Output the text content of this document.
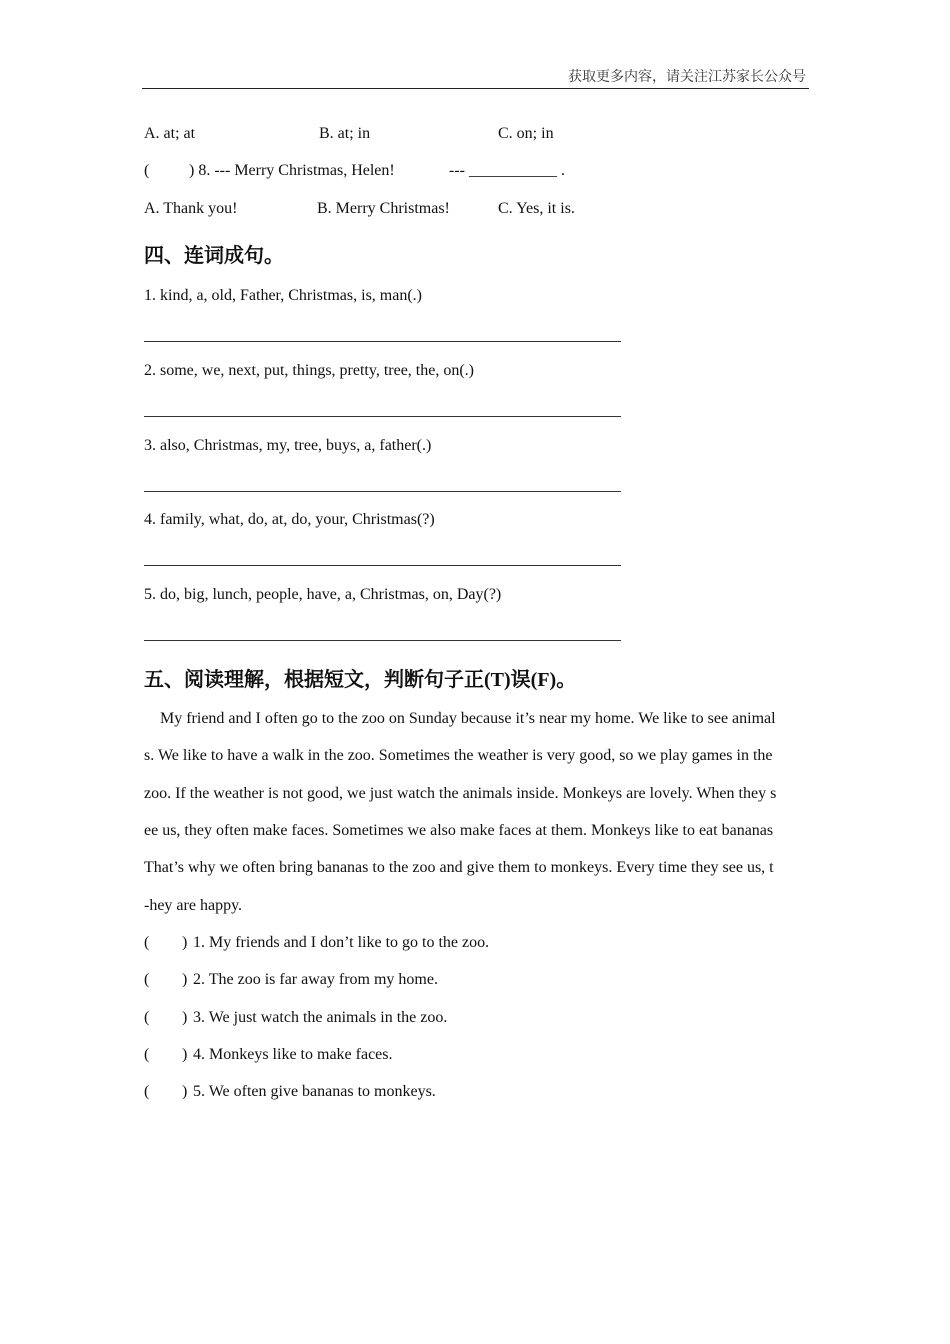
获取更多内容，请关注江苏家长公众号
A. at; at	B. at; in	C. on; in
( ) 8. --- Merry Christmas, Helen!	--- ___________ .
A. Thank you!	B. Merry Christmas!	C. Yes, it is.
四、连词成句。
1. kind, a, old, Father, Christmas, is, man(.)
2. some, we, next, put, things, pretty, tree, the, on(.)
3. also, Christmas, my, tree, buys, a, father(.)
4. family, what, do, at, do, your, Christmas(?)
5. do, big, lunch, people, have, a, Christmas, on, Day(?)
五、阅读理解，根据短文，判断句子正(T)误(F)。
My friend and I often go to the zoo on Sunday because it’s near my home. We like to see animal
s. We like to have a walk in the zoo. Sometimes the weather is very good, so we play games in the
zoo. If the weather is not good, we just watch the animals inside. Monkeys are lovely. When they s
ee us, they often make faces. Sometimes we also make faces at them. Monkeys like to eat bananas
That’s why we often bring bananas to the zoo and give them to monkeys. Every time they see us, t
-hey are happy.
( ) 1. My friends and I don’t like to go to the zoo.
( ) 2. The zoo is far away from my home.
( ) 3. We just watch the animals in the zoo.
( ) 4. Monkeys like to make faces.
( ) 5. We often give bananas to monkeys.
